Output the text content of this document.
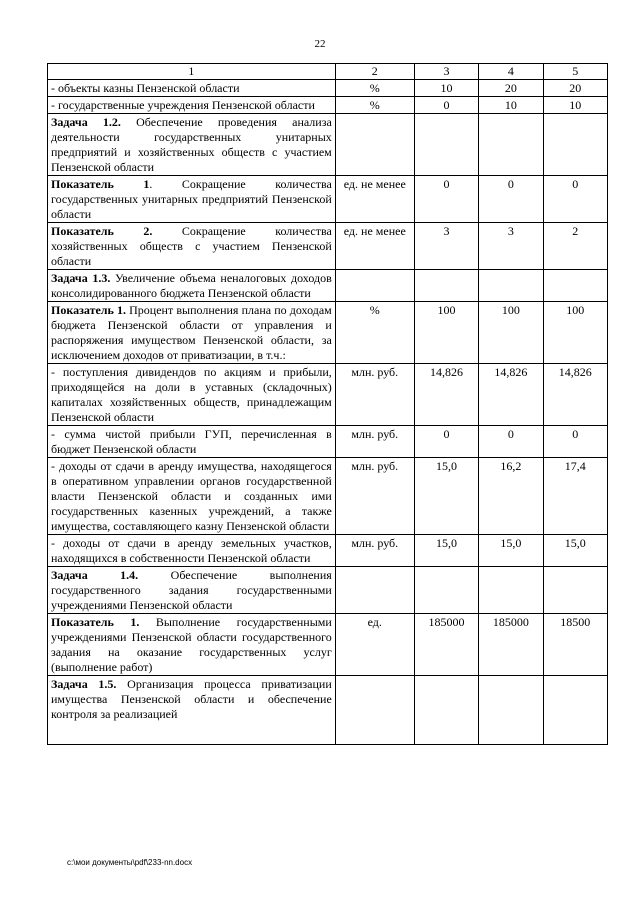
22
1	2	3	4	5
- объекты казны Пензенской области	%	10	20	20
- государственные учреждения Пензенской области	%	0	10	10
Задача 1.2. Обеспечение проведения анализа деятельности государственных унитарных предприятий и хозяйственных обществ с участием Пензенской области				
Показатель 1. Сокращение количества государственных унитарных предприятий Пензенской области	ед. не менее	0	0	0
Показатель 2. Сокращение количества хозяйственных обществ с участием Пензенской области	ед. не менее	3	3	2
Задача 1.3. Увеличение объема неналоговых доходов консолидированного бюджета Пензенской области				
Показатель 1. Процент выполнения плана по доходам бюджета Пензенской области от управления и распоряжения имуществом Пензенской области, за исключением доходов от приватизации, в т.ч.:	%	100	100	100
- поступления дивидендов по акциям и прибыли, приходящейся на доли в уставных (складочных) капиталах хозяйственных обществ, принадлежащим Пензенской области	млн. руб.	14,826	14,826	14,826
- сумма чистой прибыли ГУП, перечисленная в бюджет Пензенской области	млн. руб.	0	0	0
- доходы от сдачи в аренду имущества, находящегося в оперативном управлении органов государственной власти Пензенской области и созданных ими государственных казенных учреждений, а также имущества, составляющего казну Пензенской области	млн. руб.	15,0	16,2	17,4
- доходы от сдачи в аренду земельных участков, находящихся в собственности Пензенской области	млн. руб.	15,0	15,0	15,0
Задача 1.4. Обеспечение выполнения государственного задания государственными учреждениями Пензенской области				
Показатель 1. Выполнение государственными учреждениями Пензенской области государственного задания на оказание государственных услуг (выполнение работ)	ед.	185000	185000	18500
Задача 1.5. Организация процесса приватизации имущества Пензенской области и обеспечение контроля за реализацией				
c:\мои документы\pdf\233-nn.docx
